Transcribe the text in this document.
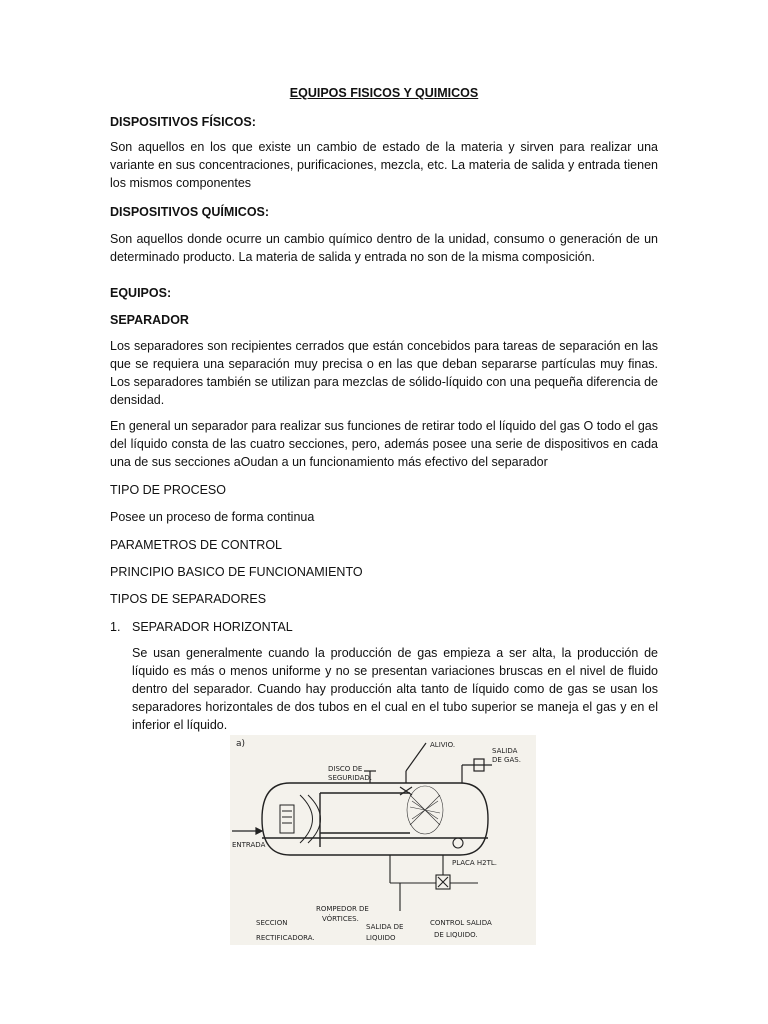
EQUIPOS FISICOS Y QUIMICOS
DISPOSITIVOS FÍSICOS:
Son aquellos en los que existe un cambio de estado de la materia y sirven para realizar una variante en sus concentraciones, purificaciones, mezcla, etc. La materia de salida y entrada tienen los mismos componentes
DISPOSITIVOS QUÍMICOS:
Son aquellos donde ocurre un cambio químico dentro de la unidad, consumo o generación de un determinado producto. La materia de salida y entrada no son de la misma composición.
EQUIPOS:
SEPARADOR
Los separadores son recipientes cerrados que están concebidos para tareas de separación en las que se requiera una separación muy precisa o en las que deban separarse partículas muy finas. Los separadores también se utilizan para mezclas de sólido-líquido con una pequeña diferencia de densidad.
En general un separador para realizar sus funciones de retirar todo el líquido del gas O todo el gas del líquido consta de las cuatro secciones, pero, además posee una serie de dispositivos en cada una de sus secciones aOudan a un funcionamiento más efectivo del separador
TIPO DE PROCESO
Posee un proceso de forma continua
PARAMETROS DE CONTROL
PRINCIPIO BASICO DE FUNCIONAMIENTO
TIPOS DE SEPARADORES
1. SEPARADOR HORIZONTAL
Se usan generalmente cuando la producción de gas empieza a ser alta, la producción de líquido es más o menos uniforme y no se presentan variaciones bruscas en el nivel de fluido dentro del separador. Cuando hay producción alta tanto de líquido como de gas se usan los separadores horizontales de dos tubos en el cual en el tubo superior se maneja el gas y en el inferior el líquido.
a)	ALIVIO.
DISCO DE
SEGURIDAD.
SALIDA
DE GAS.
ENTRADA
PLACA H2TL.
ROMPEDOR DE
VÓRTICES.
SECCION
RECTIFICADORA.
SALIDA DE
LIQUIDO
CONTROL SALIDA
DE LIQUIDO.
